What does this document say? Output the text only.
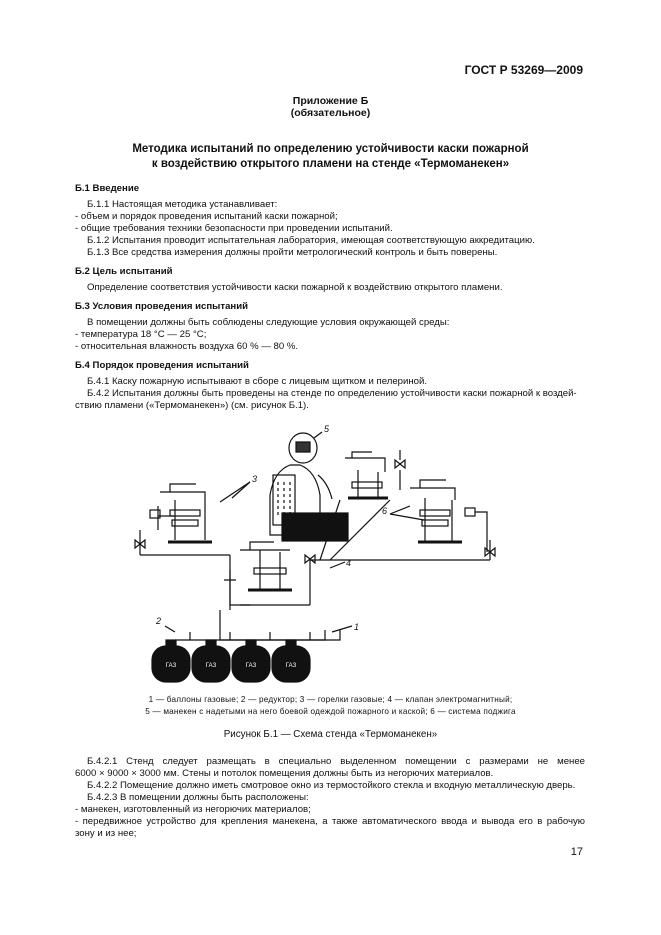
ГОСТ Р 53269—2009
Приложение Б
(обязательное)
Методика испытаний по определению устойчивости каски пожарной
к воздействию открытого пламени на стенде «Термоманекен»
Б.1 Введение
Б.1.1 Настоящая методика устанавливает:
- объем и порядок проведения испытаний каски пожарной;
- общие требования техники безопасности при проведении испытаний.
Б.1.2 Испытания проводит испытательная лаборатория, имеющая соответствующую аккредитацию.
Б.1.3 Все средства измерения должны пройти метрологический контроль и быть поверены.
Б.2 Цель испытаний
Определение соответствия устойчивости каски пожарной к воздействию открытого пламени.
Б.3 Условия проведения испытаний
В помещении должны быть соблюдены следующие условия окружающей среды:
- температура 18 °С — 25 °С;
- относительная влажность воздуха 60 % — 80 %.
Б.4 Порядок проведения испытаний
Б.4.1 Каску пожарную испытывают в сборе с лицевым щитком и пелериной.
Б.4.2 Испытания должны быть проведены на стенде по определению устойчивости каски пожарной к воздей-
ствию пламени («Термоманекен») (см. рисунок Б.1).
ГАЗ	ГАЗ	ГАЗ	ГАЗ
1
2
3
4
5
6
1 — баллоны газовые; 2 — редуктор; 3 — горелки газовые; 4 — клапан электромагнитный;
5 — манекен с надетыми на него боевой одеждой пожарного и каской; 6 — система поджига
Рисунок Б.1 — Схема стенда «Термоманекен»
Б.4.2.1 Стенд следует размещать в специально выделенном помещении с размерами не менее
6000 × 9000 × 3000 мм. Стены и потолок помещения должны быть из негорючих материалов.
Б.4.2.2 Помещение должно иметь смотровое окно из термостойкого стекла и входную металлическую дверь.
Б.4.2.3 В помещении должны быть расположены:
- манекен, изготовленный из негорючих материалов;
- передвижное устройство для крепления манекена, а также автоматического ввода и вывода его в рабочую
зону и из нее;
17
